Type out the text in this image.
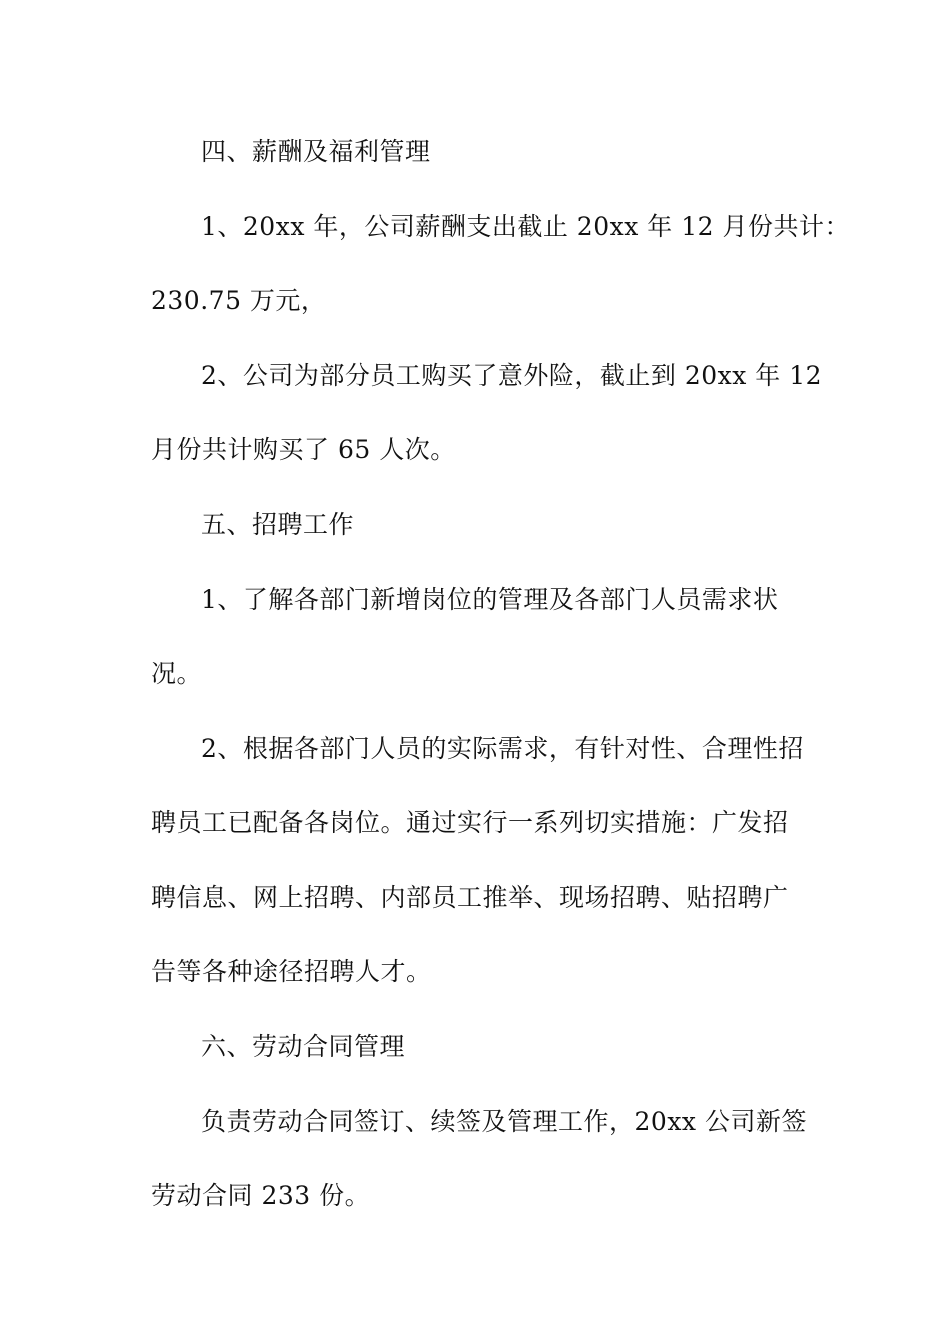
四、薪酬及福利管理
1、20xx 年，公司薪酬支出截止 20xx 年 12 月份共计：
230.75 万元，
2、公司为部分员工购买了意外险，截止到 20xx 年 12
月份共计购买了 65 人次。
五、招聘工作
1、了解各部门新增岗位的管理及各部门人员需求状
况。
2、根据各部门人员的实际需求，有针对性、合理性招
聘员工已配备各岗位。通过实行一系列切实措施：广发招
聘信息、网上招聘、内部员工推举、现场招聘、贴招聘广
告等各种途径招聘人才。
六、劳动合同管理
负责劳动合同签订、续签及管理工作，20xx 公司新签
劳动合同 233 份。
